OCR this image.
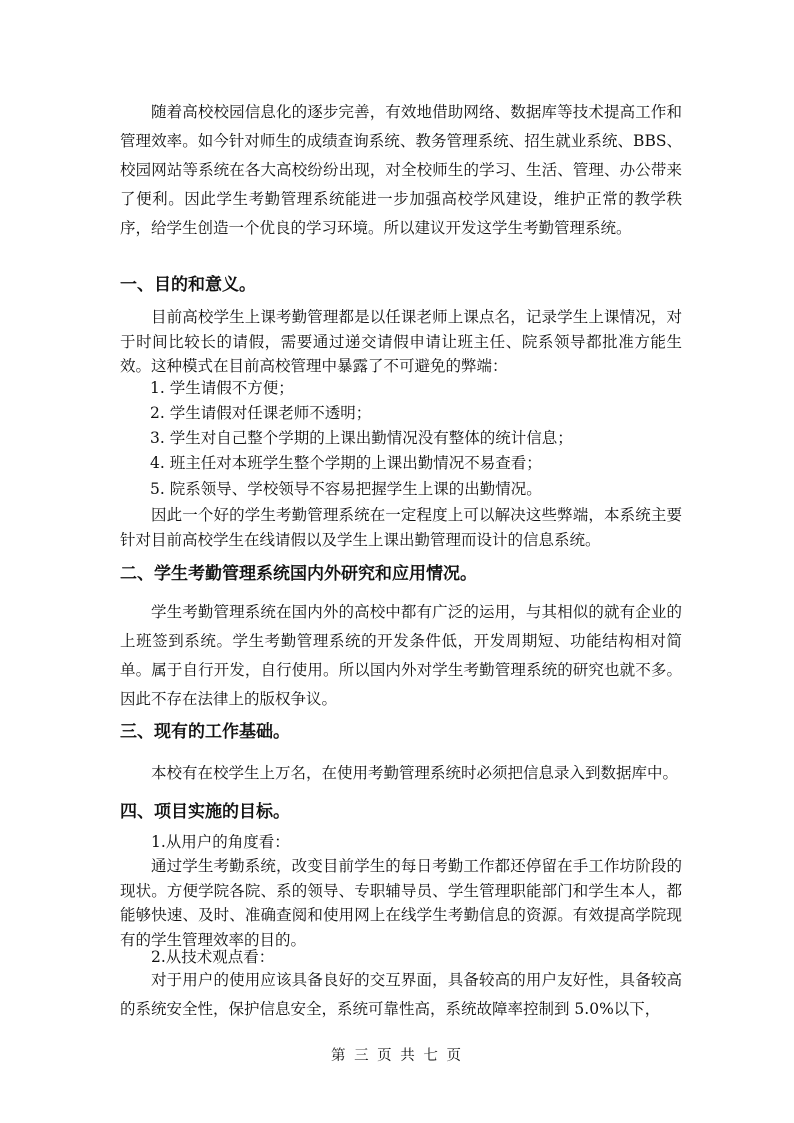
随着高校校园信息化的逐步完善，有效地借助网络、数据库等技术提高工作和管理效率。如今针对师生的成绩查询系统、教务管理系统、招生就业系统、BBS、校园网站等系统在各大高校纷纷出现，对全校师生的学习、生活、管理、办公带来了便利。因此学生考勤管理系统能进一步加强高校学风建设，维护正常的教学秩序，给学生创造一个优良的学习环境。所以建议开发这学生考勤管理系统。

一、目的和意义。

目前高校学生上课考勤管理都是以任课老师上课点名，记录学生上课情况，对于时间比较长的请假，需要通过递交请假申请让班主任、院系领导都批准方能生效。这种模式在目前高校管理中暴露了不可避免的弊端：

1. 学生请假不方便；

2. 学生请假对任课老师不透明；

3. 学生对自己整个学期的上课出勤情况没有整体的统计信息；

4. 班主任对本班学生整个学期的上课出勤情况不易查看；

5. 院系领导、学校领导不容易把握学生上课的出勤情况。

因此一个好的学生考勤管理系统在一定程度上可以解决这些弊端，本系统主要针对目前高校学生在线请假以及学生上课出勤管理而设计的信息系统。

二、学生考勤管理系统国内外研究和应用情况。

学生考勤管理系统在国内外的高校中都有广泛的运用，与其相似的就有企业的上班签到系统。学生考勤管理系统的开发条件低，开发周期短、功能结构相对简单。属于自行开发，自行使用。所以国内外对学生考勤管理系统的研究也就不多。因此不存在法律上的版权争议。

三、现有的工作基础。

本校有在校学生上万名，在使用考勤管理系统时必须把信息录入到数据库中。

四、项目实施的目标。

1.从用户的角度看：

通过学生考勤系统，改变目前学生的每日考勤工作都还停留在手工作坊阶段的现状。方便学院各院、系的领导、专职辅导员、学生管理职能部门和学生本人，都能够快速、及时、准确查阅和使用网上在线学生考勤信息的资源。有效提高学院现有的学生管理效率的目的。

2.从技术观点看：

对于用户的使用应该具备良好的交互界面，具备较高的用户友好性，具备较高的系统安全性，保护信息安全，系统可靠性高，系统故障率控制到 5.0%以下，

第 三 页 共 七 页
